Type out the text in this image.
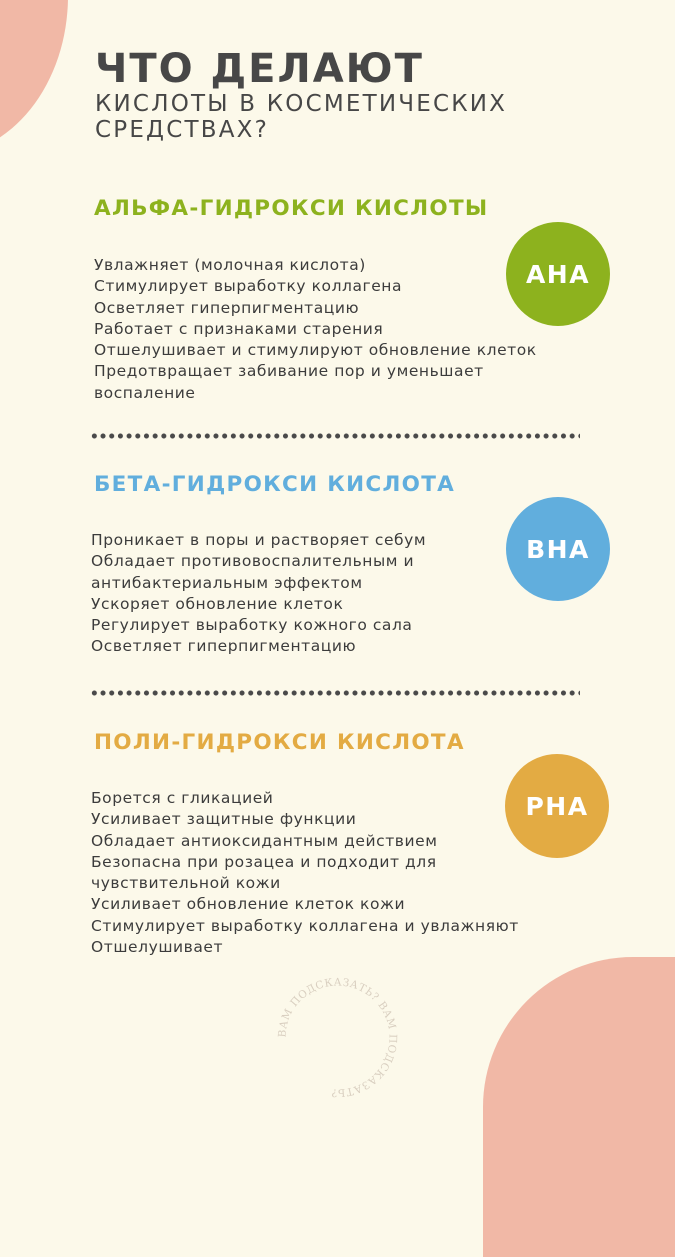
ЧТО ДЕЛАЮТ
КИСЛОТЫ В КОСМЕТИЧЕСКИХ СРЕДСТВАХ?
АЛЬФА-ГИДРОКСИ КИСЛОТЫ
AHA
Увлажняет (молочная кислота)
Стимулирует выработку коллагена
Осветляет гиперпигментацию
Работает с признаками старения
Отшелушивает и стимулируют обновление клеток
Предотвращает забивание пор и уменьшает воспаление
БЕТА-ГИДРОКСИ КИСЛОТА
BHA
Проникает в поры и растворяет себум
Обладает противовоспалительным и антибактериальным эффектом
Ускоряет обновление клеток
Регулирует выработку кожного сала
Осветляет гиперпигментацию
ПОЛИ-ГИДРОКСИ КИСЛОТА
PHA
Борется с гликацией
Усиливает защитные функции
Обладает антиоксидантным действием
Безопасна при розацеа и подходит для чувствительной кожи
Усиливает обновление клеток кожи
Стимулирует выработку коллагена и увлажняют
Отшелушивает
ВАМ ПОДСКАЗАТЬ? ВАМ ПОДСКАЗАТЬ?
